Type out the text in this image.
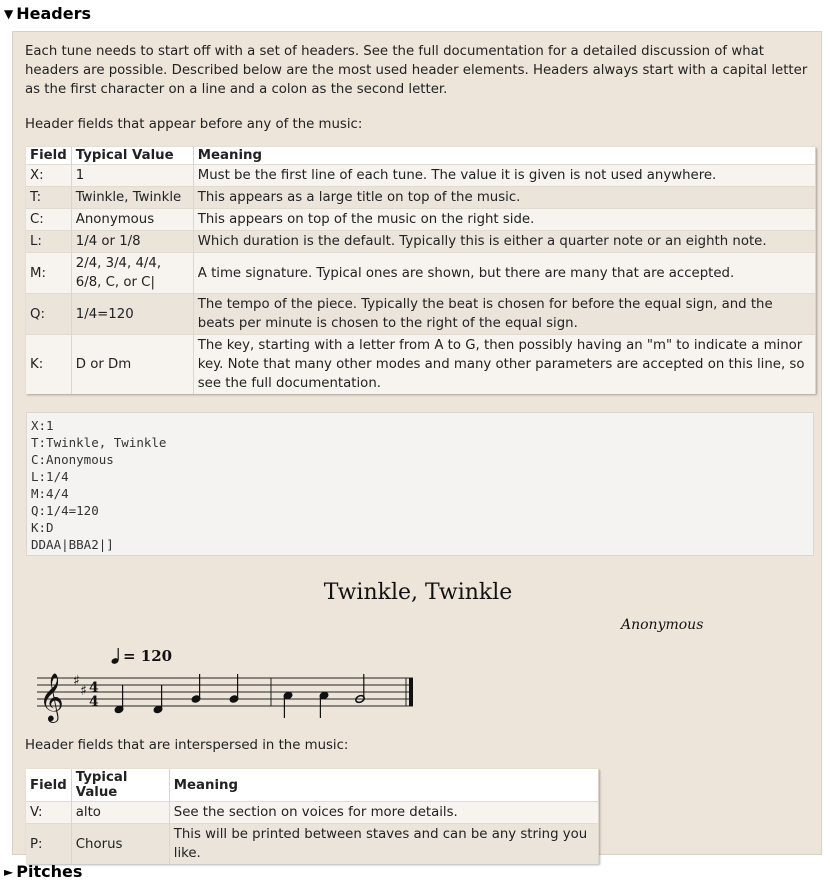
▼ Headers
Each tune needs to start off with a set of headers. See the full documentation for a detailed discussion of what headers are possible. Described below are the most used header elements. Headers always start with a capital letter as the first character on a line and a colon as the second letter.
Header fields that appear before any of the music:
Field	Typical Value	Meaning
X:	1	Must be the first line of each tune. The value it is given is not used anywhere.
T:	Twinkle, Twinkle	This appears as a large title on top of the music.
C:	Anonymous	This appears on top of the music on the right side.
L:	1/4 or 1/8	Which duration is the default. Typically this is either a quarter note or an eighth note.
M:	2/4, 3/4, 4/4, 6/8, C, or C|	A time signature. Typical ones are shown, but there are many that are accepted.
Q:	1/4=120	The tempo of the piece. Typically the beat is chosen for before the equal sign, and the beats per minute is chosen to the right of the equal sign.
K:	D or Dm	The key, starting with a letter from A to G, then possibly having an "m" to indicate a minor key. Note that many other modes and many other parameters are accepted on this line, so see the full documentation.
X:1
T:Twinkle, Twinkle
C:Anonymous
L:1/4
M:4/4
Q:1/4=120
K:D
DDAA|BBA2|]
Twinkle, Twinkle
Anonymous
= 120
𝄞 ♯
♯ 4
4
Header fields that are interspersed in the music:
Field	Typical Value	Meaning
V:	alto	See the section on voices for more details.
P:	Chorus	This will be printed between staves and can be any string you like.
► Pitches
